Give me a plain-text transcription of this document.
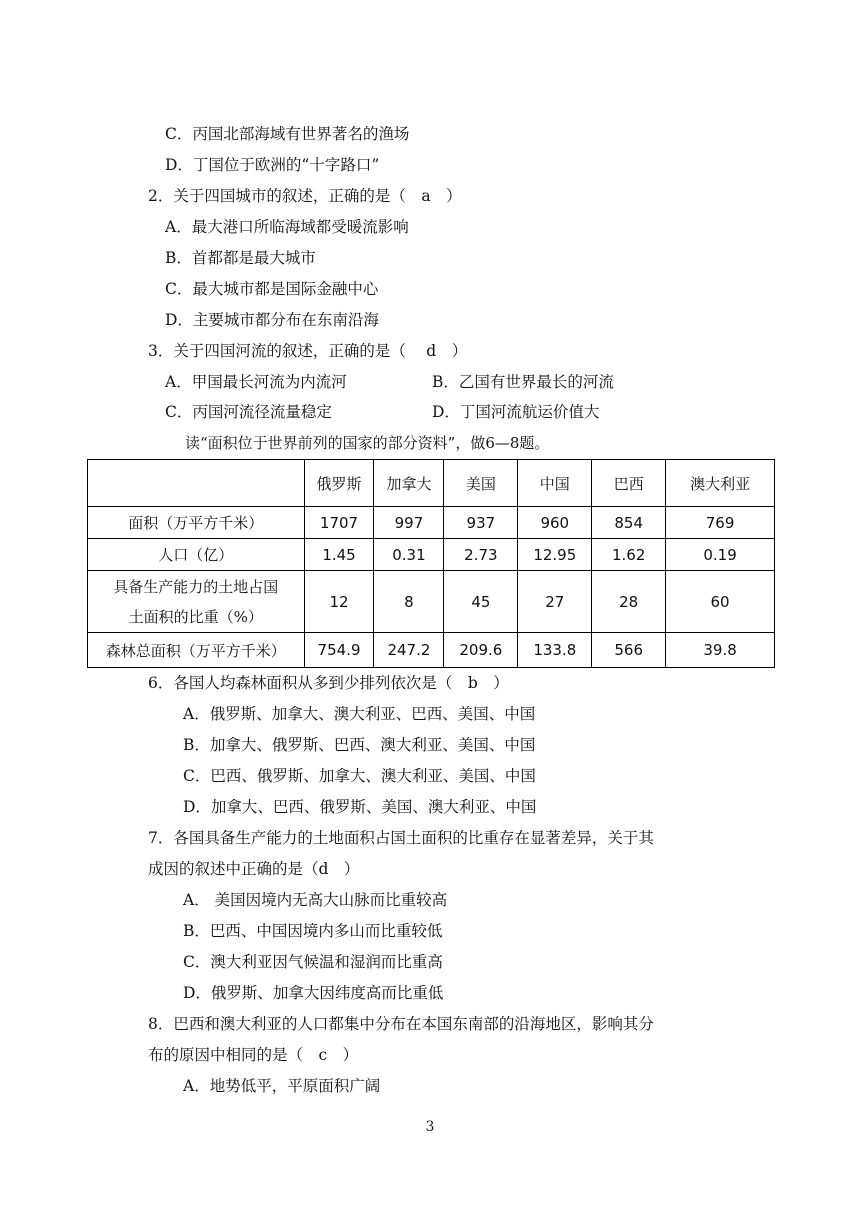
C．丙国北部海域有世界著名的渔场
D．丁国位于欧洲的“十字路口”
2．关于四国城市的叙述，正确的是（　a　）
A．最大港口所临海域都受暖流影响
B．首都都是最大城市
C．最大城市都是国际金融中心
D．主要城市都分布在东南沿海
3．关于四国河流的叙述，正确的是（　 d　）
A．甲国最长河流为内流河	B．乙国有世界最长的河流
C．丙国河流径流量稳定	D．丁国河流航运价值大
读“面积位于世界前列的国家的部分资料”，做6—8题。
	俄罗斯	加拿大	美国	中国	巴西	澳大利亚
面积（万平方千米）	1707	997	937	960	854	769
人口（亿）	1.45	0.31	2.73	12.95	1.62	0.19

具备生产能力的土地占国
土面积的比重（%）	12	8	45	27	28	60
森林总面积（万平方千米）	754.9	247.2	209.6	133.8	566	39.8
6．各国人均森林面积从多到少排列依次是（　b　）
A．俄罗斯、加拿大、澳大利亚、巴西、美国、中国
B．加拿大、俄罗斯、巴西、澳大利亚、美国、中国
C．巴西、俄罗斯、加拿大、澳大利亚、美国、中国
D．加拿大、巴西、俄罗斯、美国、澳大利亚、中国
7．各国具备生产能力的土地面积占国土面积的比重存在显著差异，关于其
成因的叙述中正确的是（d　）
A． 美国因境内无高大山脉而比重较高
B．巴西、中国因境内多山而比重较低
C．澳大利亚因气候温和湿润而比重高
D．俄罗斯、加拿大因纬度高而比重低
8．巴西和澳大利亚的人口都集中分布在本国东南部的沿海地区，影响其分
布的原因中相同的是（　c　）
A．地势低平，平原面积广阔
3
